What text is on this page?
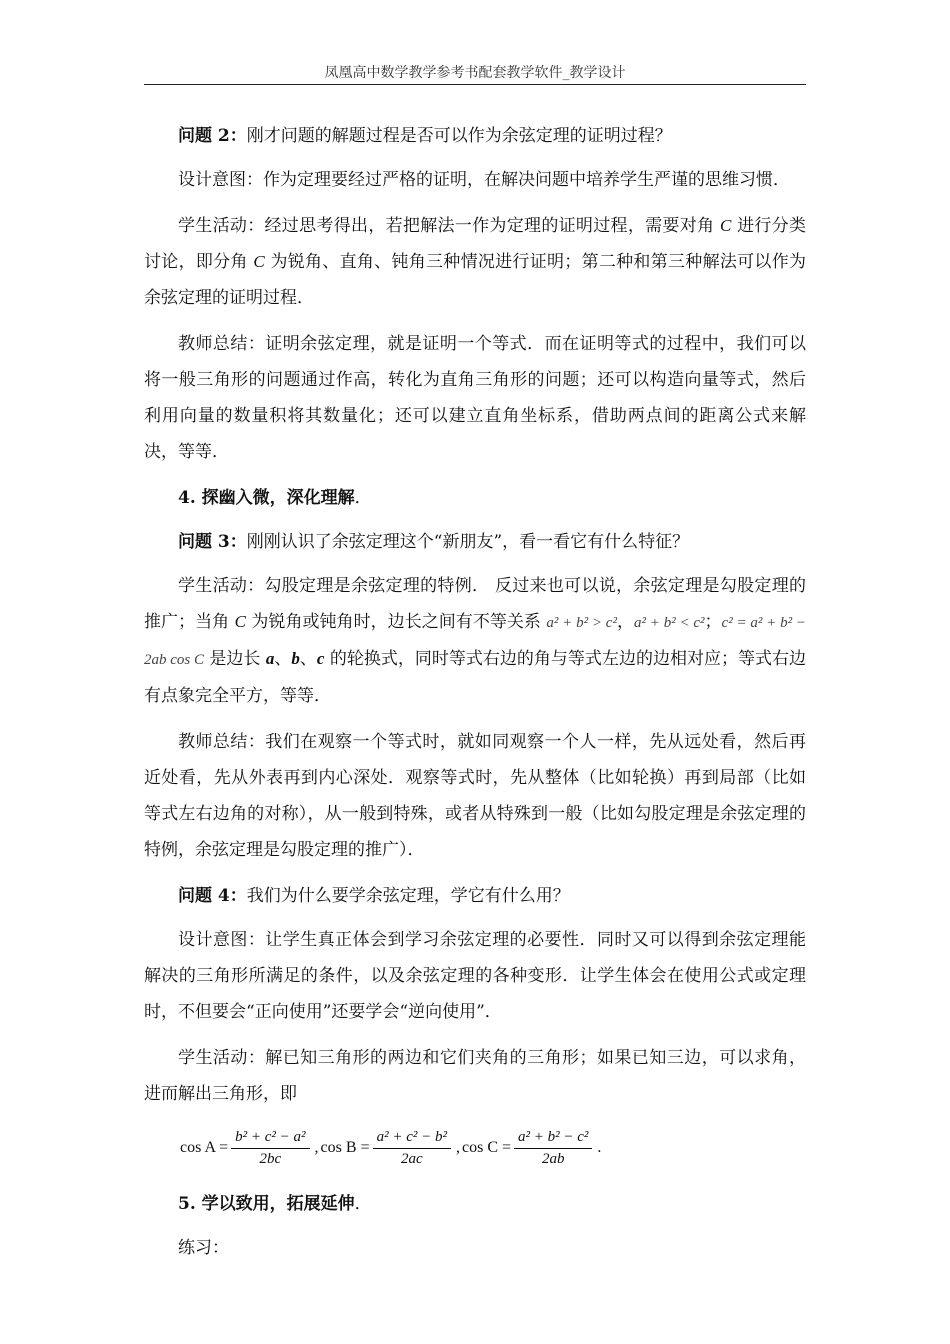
凤凰高中数学教学参考书配套教学软件_教学设计

问题 2：刚才问题的解题过程是否可以作为余弦定理的证明过程？

设计意图：作为定理要经过严格的证明，在解决问题中培养学生严谨的思维习惯．

学生活动：经过思考得出，若把解法一作为定理的证明过程，需要对角 C 进行分类讨论，即分角 C 为锐角、直角、钝角三种情况进行证明；第二种和第三种解法可以作为余弦定理的证明过程．

教师总结：证明余弦定理，就是证明一个等式．而在证明等式的过程中，我们可以将一般三角形的问题通过作高，转化为直角三角形的问题；还可以构造向量等式，然后利用向量的数量积将其数量化；还可以建立直角坐标系，借助两点间的距离公式来解决，等等．

4. 探幽入微，深化理解．

问题 3：刚刚认识了余弦定理这个“新朋友”，看一看它有什么特征？

学生活动：勾股定理是余弦定理的特例． 反过来也可以说，余弦定理是勾股定理的推广；当角 C 为锐角或钝角时，边长之间有不等关系 a² + b² > c²，a² + b² < c²；c² = a² + b² − 2ab cos C 是边长 a、b、c 的轮换式，同时等式右边的角与等式左边的边相对应；等式右边有点象完全平方，等等．

教师总结：我们在观察一个等式时，就如同观察一个人一样，先从远处看，然后再近处看，先从外表再到内心深处．观察等式时，先从整体（比如轮换）再到局部（比如等式左右边角的对称），从一般到特殊，或者从特殊到一般（比如勾股定理是余弦定理的特例，余弦定理是勾股定理的推广）．

问题 4：我们为什么要学余弦定理，学它有什么用？

设计意图：让学生真正体会到学习余弦定理的必要性．同时又可以得到余弦定理能解决的三角形所满足的条件，以及余弦定理的各种变形．让学生体会在使用公式或定理时，不但要会“正向使用”还要学会“逆向使用”．

学生活动：解已知三角形的两边和它们夹角的三角形；如果已知三边，可以求角，进而解出三角形，即

$\cos A = \frac{\text{b² + c² − a²}}{2bc}$ , $\cos B = \frac{\text{a² + c² − b²}}{2ac}$ , $\cos C = \frac{\text{a² + b² − c²}}{2ab}$ .

5. 学以致用，拓展延伸．

练习：
